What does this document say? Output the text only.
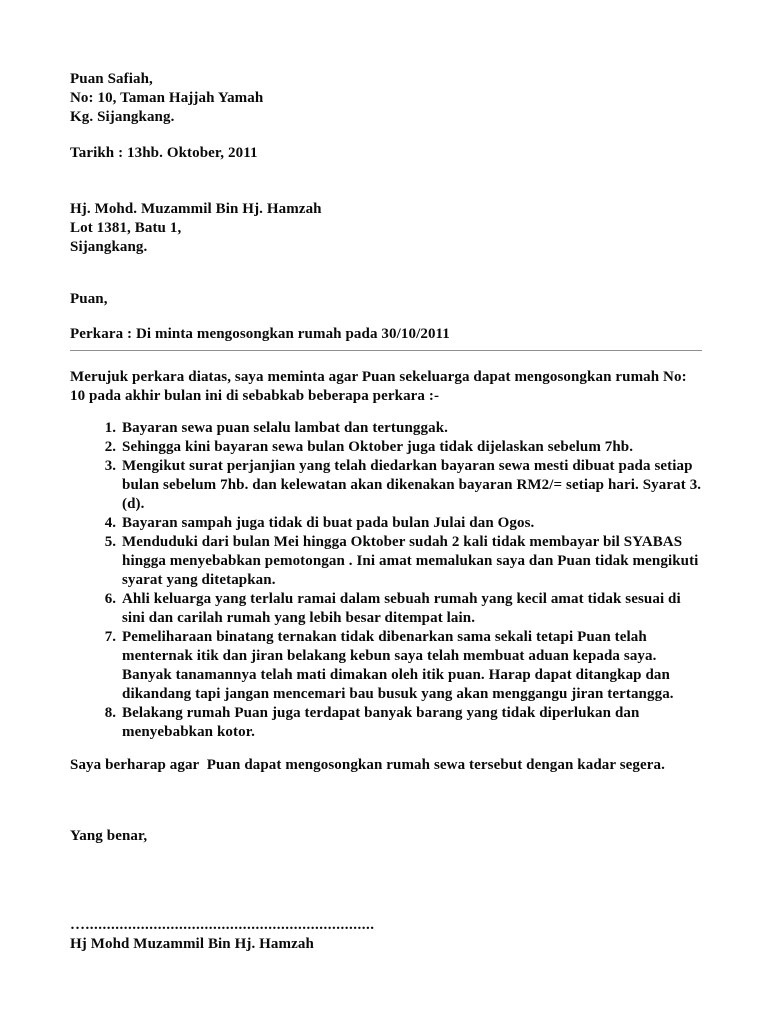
Puan Safiah,
No: 10, Taman Hajjah Yamah
Kg. Sijangkang.
Tarikh : 13hb. Oktober, 2011
Hj. Mohd. Muzammil Bin Hj. Hamzah
Lot 1381, Batu 1,
Sijangkang.
Puan,
Perkara : Di minta mengosongkan rumah pada 30/10/2011

Merujuk perkara diatas, saya meminta agar Puan sekeluarga dapat mengosongkan rumah No: 10 pada akhir bulan ini di sebabkab beberapa perkara :-

1. Bayaran sewa puan selalu lambat dan tertunggak.
2. Sehingga kini bayaran sewa bulan Oktober juga tidak dijelaskan sebelum 7hb.
3. Mengikut surat perjanjian yang telah diedarkan bayaran sewa mesti dibuat pada setiap bulan sebelum 7hb. dan kelewatan akan dikenakan bayaran RM2/= setiap hari. Syarat 3. (d).
4. Bayaran sampah juga tidak di buat pada bulan Julai dan Ogos.
5. Menduduki dari bulan Mei hingga Oktober sudah 2 kali tidak membayar bil SYABAS hingga menyebabkan pemotongan . Ini amat memalukan saya dan Puan tidak mengikuti syarat yang ditetapkan.
6. Ahli keluarga yang terlalu ramai dalam sebuah rumah yang kecil amat tidak sesuai di sini dan carilah rumah yang lebih besar ditempat lain.
7. Pemeliharaan binatang ternakan tidak dibenarkan sama sekali tetapi Puan telah menternak itik dan jiran belakang kebun saya telah membuat aduan kepada saya. Banyak tanamannya telah mati dimakan oleh itik puan. Harap dapat ditangkap dan dikandang tapi jangan mencemari bau busuk yang akan menggangu jiran tertangga.
8. Belakang rumah Puan juga terdapat banyak barang yang tidak diperlukan dan menyebabkan kotor.

Saya berharap agar  Puan dapat mengosongkan rumah sewa tersebut dengan kadar segera.

Yang benar,
…....................................................................
Hj Mohd Muzammil Bin Hj. Hamzah
